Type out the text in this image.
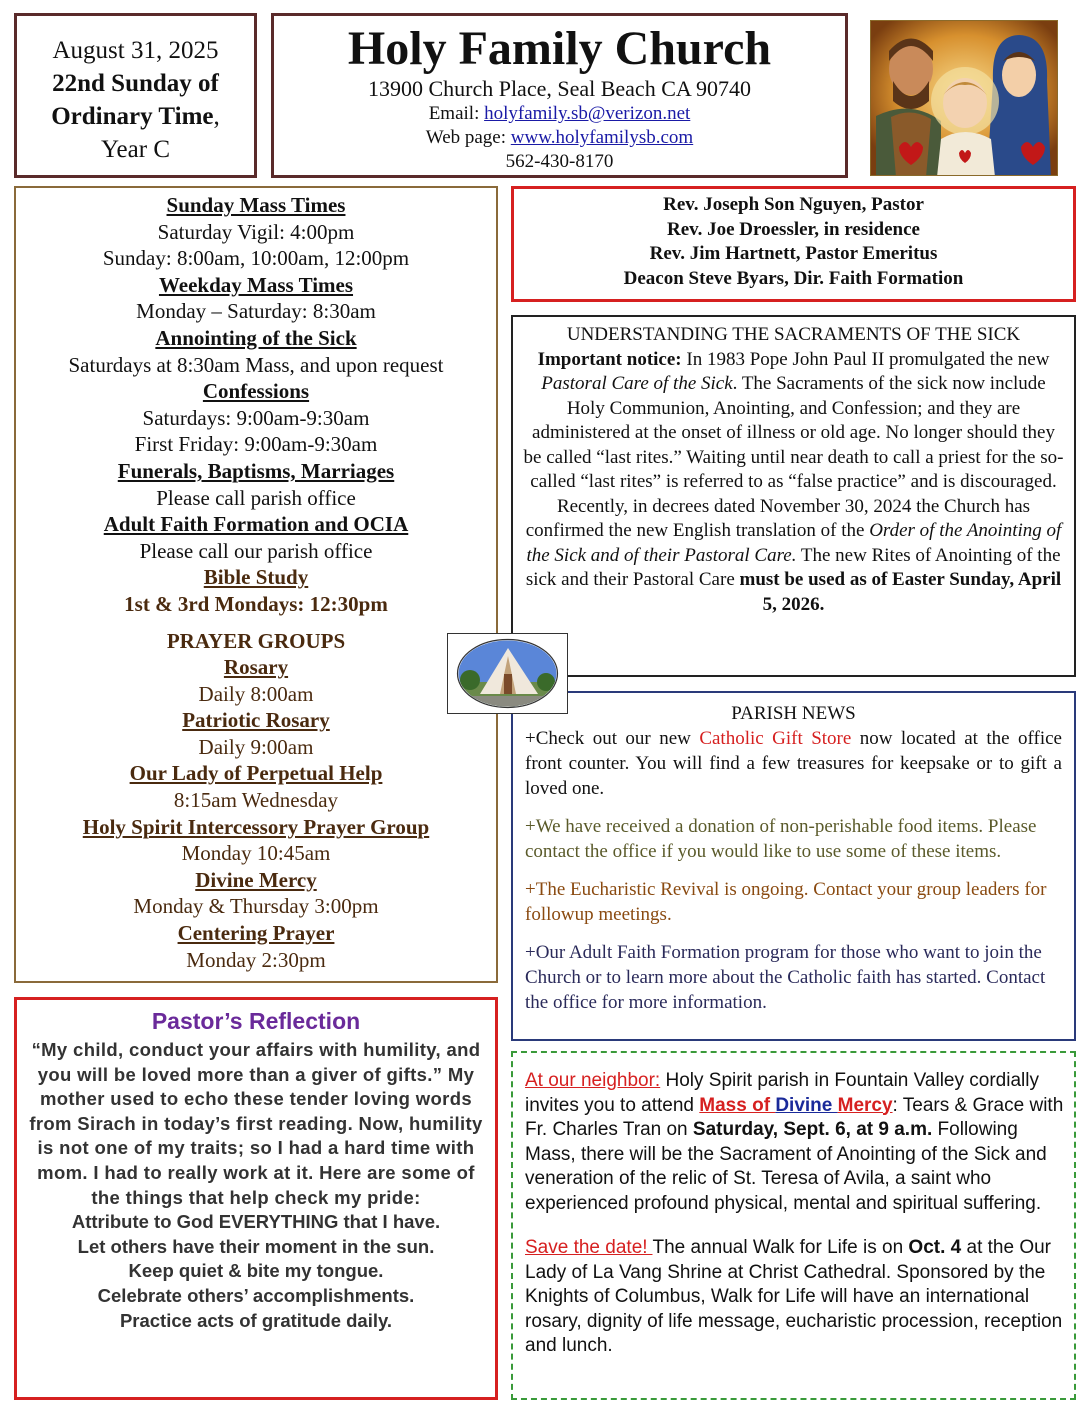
August 31, 2025
22nd Sunday of
Ordinary Time,
Year C
Holy Family Church
13900 Church Place, Seal Beach CA 90740
Email: holyfamily.sb@verizon.net
Web page: www.holyfamilysb.com
562-430-8170
Sunday Mass Times
Saturday Vigil: 4:00pm
Sunday: 8:00am, 10:00am, 12:00pm
Weekday Mass Times
Monday – Saturday: 8:30am
Annointing of the Sick
Saturdays at 8:30am Mass, and upon request
Confessions
Saturdays: 9:00am-9:30am
First Friday: 9:00am-9:30am
Funerals, Baptisms, Marriages
Please call parish office
Adult Faith Formation and OCIA
Please call our parish office
Bible Study
1st & 3rd Mondays: 12:30pm
PRAYER GROUPS
Rosary
Daily 8:00am
Patriotic Rosary
Daily 9:00am
Our Lady of Perpetual Help
8:15am Wednesday
Holy Spirit Intercessory Prayer Group
Monday 10:45am
Divine Mercy
Monday & Thursday 3:00pm
Centering Prayer
Monday 2:30pm
Rev. Joseph Son Nguyen, Pastor
Rev. Joe Droessler, in residence
Rev. Jim Hartnett, Pastor Emeritus
Deacon Steve Byars, Dir. Faith Formation
UNDERSTANDING THE SACRAMENTS OF THE SICK
Important notice: In 1983 Pope John Paul II promulgated the new Pastoral Care of the Sick. The Sacraments of the sick now include Holy Communion, Anointing, and Confession; and they are administered at the onset of illness or old age. No longer should they be called “last rites.” Waiting until near death to call a priest for the so-called “last rites” is referred to as “false practice” and is discouraged.
Recently, in decrees dated November 30, 2024 the Church has confirmed the new English translation of the Order of the Anointing of the Sick and of their Pastoral Care. The new Rites of Anointing of the sick and their Pastoral Care must be used as of Easter Sunday, April 5, 2026.
PARISH NEWS
+Check out our new Catholic Gift Store now located at the office front counter. You will find a few treasures for keepsake or to gift a loved one.
+We have received a donation of non-perishable food items. Please contact the office if you would like to use some of these items.
+The Eucharistic Revival is ongoing. Contact your group leaders for followup meetings.
+Our Adult Faith Formation program for those who want to join the Church or to learn more about the Catholic faith has started. Contact the office for more information.
Pastor’s Reflection
“My child, conduct your affairs with humility, and you will be loved more than a giver of gifts.” My mother used to echo these tender loving words from Sirach in today’s first reading. Now, humility is not one of my traits; so I had a hard time with mom. I had to really work at it. Here are some of the things that help check my pride:
Attribute to God EVERYTHING that I have.
Let others have their moment in the sun.
Keep quiet & bite my tongue.
Celebrate others’ accomplishments.
Practice acts of gratitude daily.
At our neighbor: Holy Spirit parish in Fountain Valley cordially invites you to attend Mass of Divine Mercy: Tears & Grace with Fr. Charles Tran on Saturday, Sept. 6, at 9 a.m. Following Mass, there will be the Sacrament of Anointing of the Sick and veneration of the relic of St. Teresa of Avila, a saint who experienced profound physical, mental and spiritual suffering.
Save the date! The annual Walk for Life is on Oct. 4 at the Our Lady of La Vang Shrine at Christ Cathedral. Sponsored by the Knights of Columbus, Walk for Life will have an international rosary, dignity of life message, eucharistic procession, reception and lunch.
